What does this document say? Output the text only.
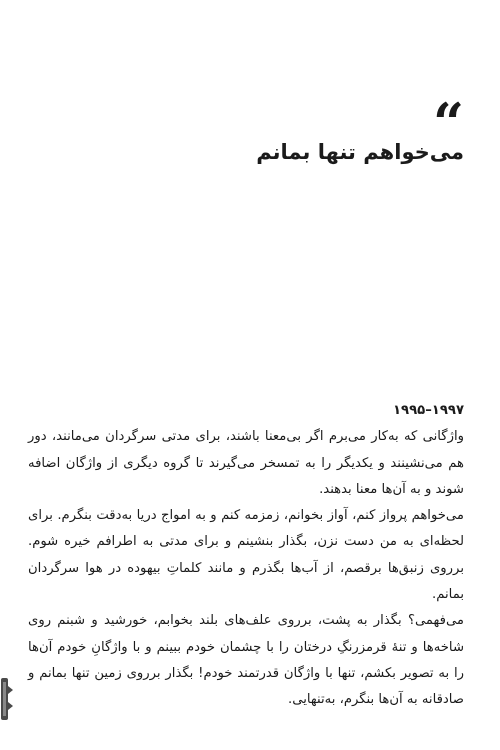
“
می‌خواهم تنها بمانم

۱۹۹۷–۱۹۹۵

واژگانی که به‌کار می‌برم اگر بی‌معنا باشند، برای مدتی سرگردان می‌مانند، دور هم می‌نشینند و یکدیگر را به تمسخر می‌گیرند تا گروه دیگری از واژگان اضافه شوند و به آن‌ها معنا بدهند.

می‌خواهم پرواز کنم، آواز بخوانم، زمزمه کنم و به امواج دریا به‌دقت بنگرم. برای لحظه‌ای به من دست نزن، بگذار بنشینم و برای مدتی به اطرافم خیره شوم. برروی زنبق‌ها برقصم، از آب‌ها بگذرم و مانند کلماتِ بیهوده در هوا سرگردان بمانم.

می‌فهمی؟ بگذار به پشت، برروی علف‌های بلند بخوابم، خورشید و شبنم روی شاخه‌ها و تنهٔ قرمزرنگِ درختان را با چشمان خودم ببینم و با واژگانِ خودم آن‌ها را به تصویر بکشم، تنها با واژگان قدرتمند خودم! بگذار برروی زمین تنها بمانم و صادقانه به آن‌ها بنگرم، به‌تنهایی.
